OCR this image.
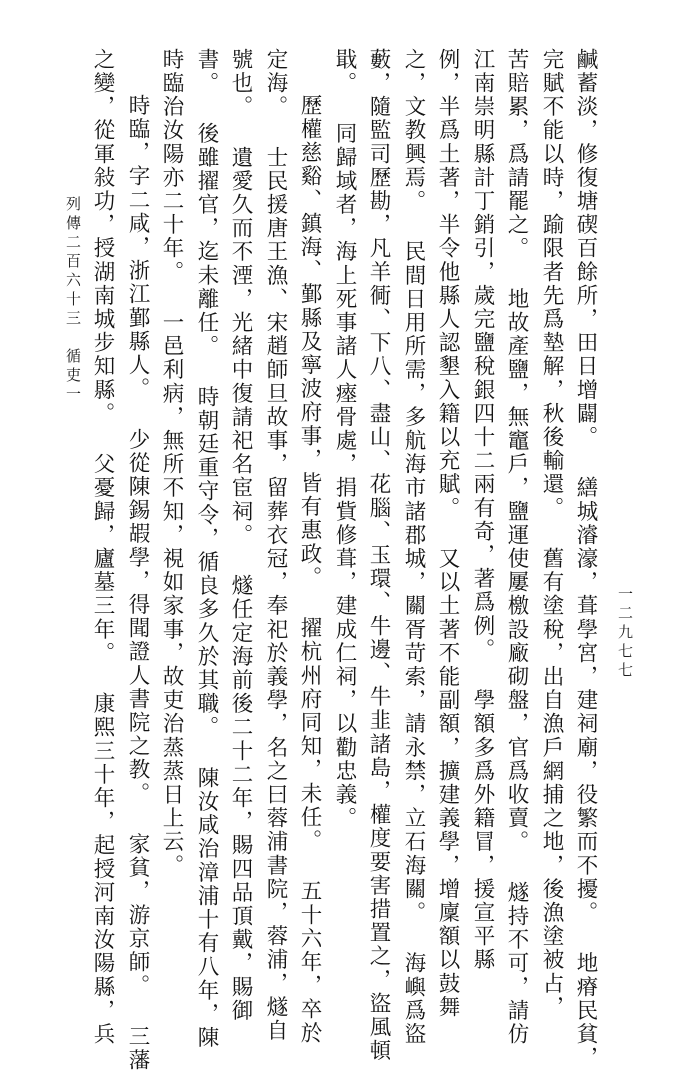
鹹蓄淡，修復塘碶百餘所，田日增闢。 繕城濬濠，葺學宮，建祠廟，役繁而不擾。 地瘠民貧，
完賦不能以時，踰限者先爲墊解，秋後輸還。 舊有塗稅，出自漁戶網捕之地，後漁塗被占，
苦賠累，爲請罷之。 地故產鹽，無竈戶，鹽運使屢檄設廠砌盤，官爲收賣。 燧持不可，請仿
江南崇明縣計丁銷引，歲完鹽稅銀四十二兩有奇，著爲例。 學額多爲外籍冒，援宣平縣
例，半爲土著，半令他縣人認墾入籍以充賦。 又以土著不能副額，擴建義學，增廩額以鼓舞
之，文教興焉。 民間日用所需，多航海市諸郡城，關胥苛索，請永禁，立石海關。 海嶼爲盜
藪，隨監司歷勘，凡羊衕、下八、盡山、花腦、玉環、牛邊、牛韭諸島，權度要害措置之，盜風頓
戢。 同歸域者，海上死事諸人瘞骨處，捐貲修葺，建成仁祠，以勸忠義。
歷權慈谿、鎮海、鄞縣及寧波府事，皆有惠政。 擢杭州府同知，未任。 五十六年，卒於
定海。 士民援唐王漁、宋趙師旦故事，留葬衣冠，奉祀於義學，名之曰蓉浦書院，蓉浦，燧自
號也。 遺愛久而不湮，光緒中復請祀名宦祠。 燧任定海前後二十二年，賜四品頂戴，賜御
書。 後雖擢官，迄未離任。 時朝廷重守令，循良多久於其職。 陳汝咸治漳浦十有八年，陳
時臨治汝陽亦二十年。 一邑利病，無所不知，視如家事，故吏治蒸蒸日上云。
時臨，字二咸，浙江鄞縣人。 少從陳錫嘏學，得聞證人書院之教。 家貧，游京師。 三藩
之變，從軍敍功，授湖南城步知縣。 父憂歸，廬墓三年。 康熙三十年，起授河南汝陽縣，兵
列傳二百六十三　循吏一
一二九七七
